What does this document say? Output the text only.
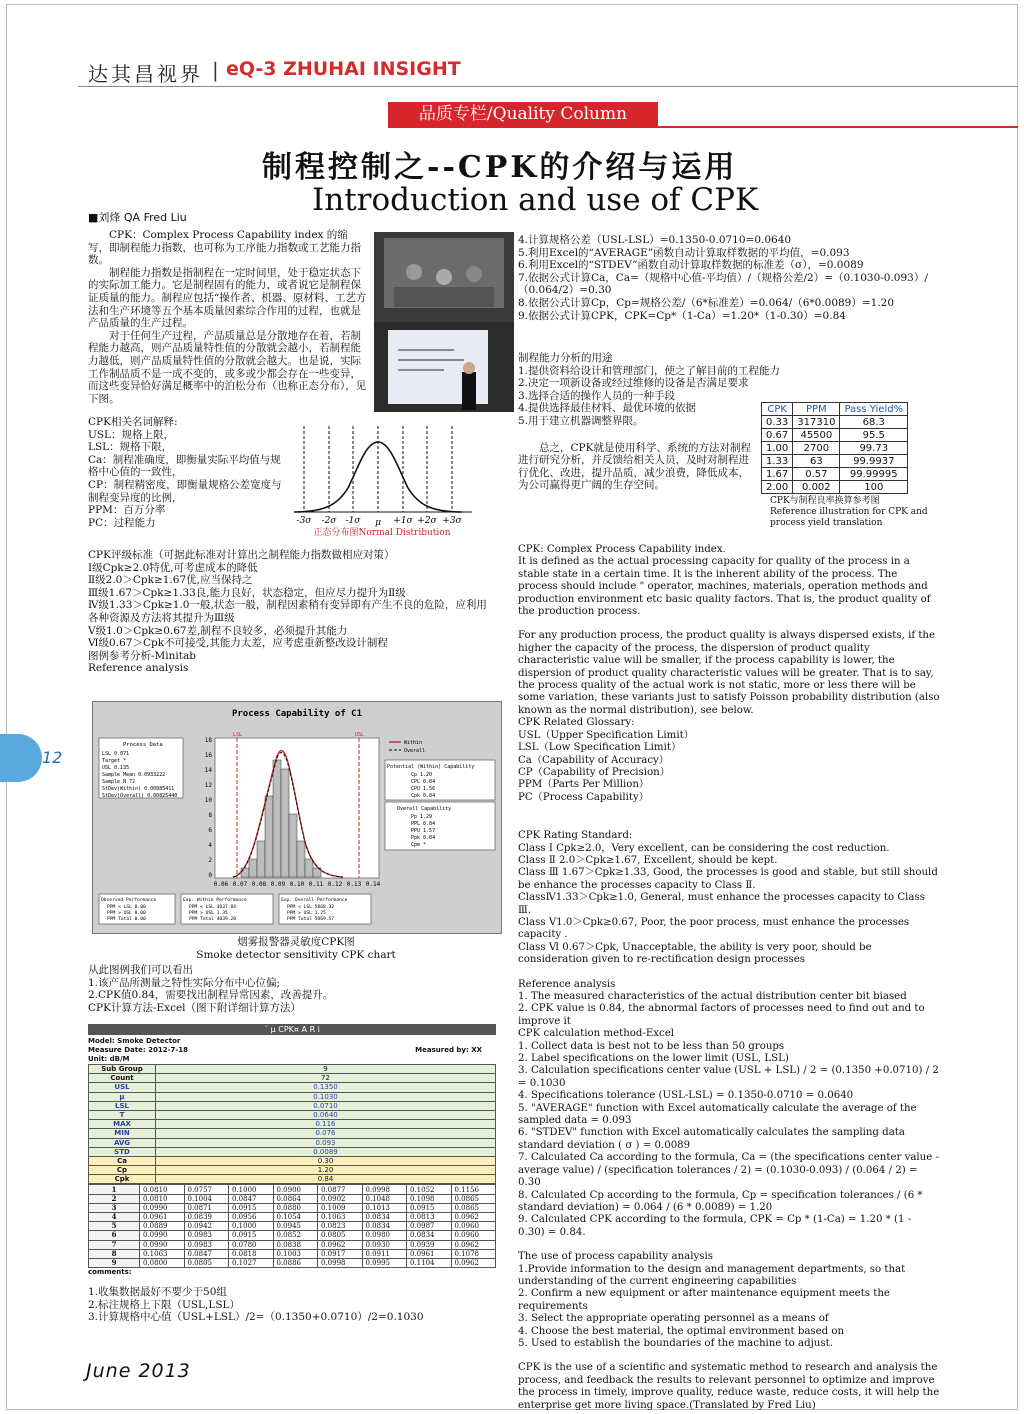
达其昌视界 | eQ-3 ZHUHAI INSIGHT
品质专栏/Quality Column
制程控制之--CPK的介绍与运用
Introduction and use of CPK
■刘烽 QA Fred Liu

　　CPK：Complex Process Capability index 的缩写，即制程能力指数，也可称为工序能力指数或工艺能力指数。

　　制程能力指数是指制程在一定时间里，处于稳定状态下的实际加工能力。它是制程固有的能力，或者说它是制程保证质量的能力。制程应包括“操作者、机器、原材料、工艺方法和生产环境等五个基本质量因素综合作用的过程，也就是产品质量的生产过程。

　　对于任何生产过程，产品质量总是分散地存在着，若制程能力越高，则产品质量特性值的分散就会越小，若制程能力越低，则产品质量特性值的分散就会越大。也是说，实际工作制品质不是一成不变的，或多或少都会存在一些变异，而这些变异恰好满足概率中的泊松分布（也称正态分布），见下图。

CPK相关名词解释:

USL：规格上限，

LSL：规格下限，

Ca：制程准确度，即衡量实际平均值与规格中心值的一致性，

CP：制程精密度，即衡量规格公差宽度与制程变异度的比例，

PPM：百万分率

PC：过程能力	-3σ -2σ -1σ μ +1σ +2σ +3σ
正态分布图Normal Distribution

CPK评级标准（可据此标准对计算出之制程能力指数做相应对策）

Ⅰ级Cpk≥2.0特优,可考虑成本的降低

Ⅱ级2.0＞Cpk≥1.67优,应当保持之

Ⅲ级1.67＞Cpk≥1.33良,能力良好，状态稳定，但应尽力提升为Ⅱ级

Ⅳ级1.33＞Cpk≥1.0一般,状态一般，制程因素稍有变异即有产生不良的危险，应利用各种资源及方法将其提升为Ⅲ级

Ⅴ级1.0＞Cpk≥0.67差,制程不良较多，必须提升其能力

Ⅵ级0.67＞Cpk不可接受,其能力太差，应考虑重新整改设计制程

图例参考分析-Minitab

Reference analysis

Process Capability of C1
Process Data
LSL 0.071
Target *
USL 0.135
Sample Mean 0.0933222
Sample N 72
StDev(Within) 0.00885411
StDev(Overall) 0.00825440
18
16
14
12
10
8
6
4
2
0
0.06 0.07 0.08 0.09 0.10 0.11 0.12 0.13 0.14
LSL	USL
Within
Overall
Potential (Within) Capability
Cp 1.20
CPL 0.84
CPU 1.56
Cpk 0.84
Overall Capability
Pp 1.29
PPL 0.84
PPU 1.57
Ppk 0.84
Cpm *
Observed Performance
PPM < LSL 0.00
PPM > USL 0.00
PPM Total 0.00
Exp. Within Performance
PPM < LSL 4037.84
PPM > USL 1.35
PPM Total 4039.20
Exp. Overall Performance
PPM < LSL 5868.32
PPM > USL 1.25
PPM Total 5869.57

烟雾报警器灵敏度CPK图

Smoke detector sensitivity CPK chart

从此图例我们可以看出

1.该产品所测量之特性实际分布中心位偏;

2.CPK值0.84，需要找出制程异常因素，改善提升。

CPK计算方法-Excel（图下附详细计算方法）

¨ µ CPK¤ A R i
Model: Smoke Detector
Measure Date: 2012-7-18	Measured by: XX
Unit: dB/M
Sub Group	9
Count	72
USL	0.1350
µ	0.1030
LSL	0.0710
T	0.0640
MAX	0.116
MIN	0.076
AVG	0.093
STD	0.0089
Ca	0.30
Cp	1.20
Cpk	0.84
1	0.0810	0.0757	0.1000	0.0900	0.0877	0.0998	0.1052	0.1156
2	0.0810	0.1004	0.0847	0.0864	0.0902	0.1048	0.1098	0.0865
3	0.0990	0.0871	0.0915	0.0880	0.1009	0.1013	0.0915	0.0865
4	0.0961	0.0839	0.0956	0.1054	0.1063	0.0834	0.0813	0.0962
5	0.0889	0.0942	0.1000	0.0945	0.0823	0.0834	0.0987	0.0960
6	0.0990	0.0983	0.0915	0.0852	0.0805	0.0980	0.0834	0.0960
7	0.0990	0.0983	0.0780	0.0838	0.0962	0.0930	0.0939	0.0962
8	0.1063	0.0847	0.0818	0.1003	0.0917	0.0911	0.0961	0.1078
9	0.0800	0.0805	0.1027	0.0886	0.0998	0.0995	0.1104	0.0962
comments:

1.收集数据最好不要少于50组

2.标注规格上下限（USL,LSL）

3.计算规格中心值（USL+LSL）/2=（0.1350+0.0710）/2=0.1030

4.计算规格公差（USL-LSL）=0.1350-0.0710=0.0640

5.利用Excel的“AVERAGE”函数自动计算取样数据的平均值，=0.093

6.利用Excel的“STDEV”函数自动计算取样数据的标准差（σ），=0.0089

7.依据公式计算Ca，Ca=（规格中心值-平均值）/（规格公差/2）=（0.1030-0.093）/（0.064/2）=0.30

8.依据公式计算Cp，Cp=规格公差/（6*标准差）=0.064/（6*0.0089）=1.20

9.依据公式计算CPK，CPK=Cp*（1-Ca）=1.20*（1-0.30）=0.84

制程能力分析的用途

1.提供资料给设计和管理部门，使之了解目前的工程能力

2.决定一项新设备或经过维修的设备是否满足要求

3.选择合适的操作人员的一种手段

4.提供选择最佳材料、最优环境的依据

5.用于建立机器调整界限。

　　总之，CPK就是使用科学、系统的方法对制程进行研究分析，并反馈给相关人员，及时对制程进行优化、改进，提升品质，减少浪费，降低成本，为公司赢得更广阔的生存空间。

CPK	PPM	Pass Yield%
0.33	317310	68.3
0.67	45500	95.5
1.00	2700	99.73
1.33	63	99.9937
1.67	0.57	99.99995
2.00	0.002	100
CPK与制程良率换算参考图
Reference illustration for CPK and process yield translation

CPK: Complex Process Capability index.
It is defined as the actual processing capacity for quality of the process in a stable state in a certain time. It is the inherent ability of the process. The process should include " operator, machines, materials, operation methods and production environment etc basic quality factors. That is, the product quality of the production process.

For any production process, the product quality is always dispersed exists, if the higher the capacity of the process, the dispersion of product quality characteristic value will be smaller, if the process capability is lower, the dispersion of product quality characteristic values will be greater. That is to say, the process quality of the actual work is not static, more or less there will be some variation, these variants just to satisfy Poisson probability distribution (also known as the normal distribution), see below.

CPK Related Glossary:

USL（Upper Specification Limit）

LSL（Low Specification Limit）

Ca（Capability of Accuracy）

CP（Capability of Precision）

PPM（Parts Per Million）

PC（Process Capability）

CPK Rating Standard:

Class Ⅰ Cpk≥2.0，Very excellent, can be considering the cost reduction.

Class Ⅱ 2.0＞Cpk≥1.67, Excellent, should be kept.

Class Ⅲ 1.67＞Cpk≥1.33, Good, the processes is good and stable, but still should be enhance the processes capacity to Class Ⅱ.

ClassⅣ1.33＞Cpk≥1.0, General, must enhance the processes capacity to Class Ⅲ.

Class Ⅴ1.0＞Cpk≥0.67, Poor, the poor process, must enhance the processes capacity .

Class Ⅵ 0.67＞Cpk, Unacceptable, the ability is very poor, should be consideration given to re-rectification design processes

Reference analysis

1. The measured characteristics of the actual distribution center bit biased

2. CPK value is 0.84, the abnormal factors of processes need to find out and to improve it

CPK calculation method-Excel

1. Collect data is best not to be less than 50 groups

2. Label specifications on the lower limit (USL, LSL)

3. Calculation specifications center value (USL + LSL) / 2 = (0.1350 +0.0710) / 2 = 0.1030

4. Specifications tolerance (USL-LSL) = 0.1350-0.0710 = 0.0640

5. "AVERAGE" function with Excel automatically calculate the average of the sampled data = 0.093

6. "STDEV" function with Excel automatically calculates the sampling data standard deviation ( σ ) = 0.0089

7. Calculated Ca according to the formula, Ca = (the specifications center value - average value) / (specification tolerances / 2) = (0.1030-0.093) / (0.064 / 2) = 0.30

8. Calculated Cp according to the formula, Cp = specification tolerances / (6 * standard deviation) = 0.064 / (6 * 0.0089) = 1.20

9. Calculated CPK according to the formula, CPK = Cp * (1-Ca) = 1.20 * (1 - 0.30) = 0.84.

The use of process capability analysis

1.Provide information to the design and management departments, so that understanding of the current engineering capabilities

2. Confirm a new equipment or after maintenance equipment meets the requirements

3. Select the appropriate operating personnel as a means of

4. Choose the best material, the optimal environment based on

5. Used to establish the boundaries of the machine to adjust.

CPK is the use of a scientific and systematic method to research and analysis the process, and feedback the results to relevant personnel to optimize and improve the process in timely, improve quality, reduce waste, reduce costs, it will help the enterprise get more living space.(Translated by Fred Liu)

12
June 2013
